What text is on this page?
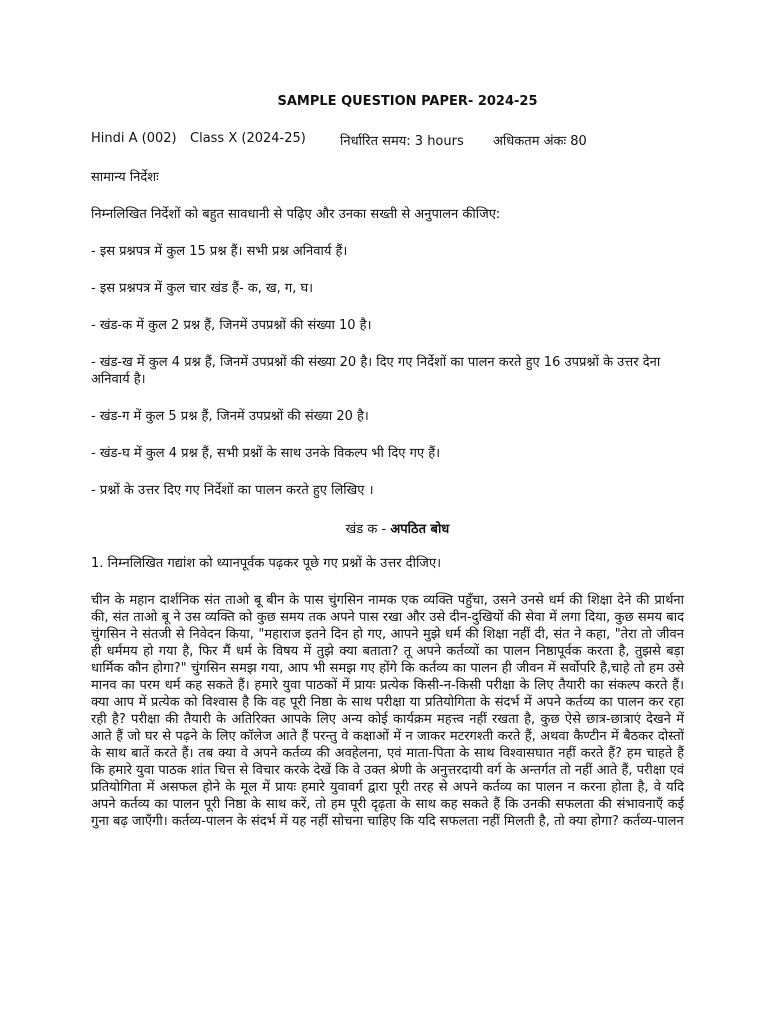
SAMPLE QUESTION PAPER- 2024-25
Hindi A (002)	Class X (2024-25)	निर्धारित समय: 3 hours	अधिकतम अंकः 80

सामान्य निर्देशः

निम्नलिखित निर्देशों को बहुत सावधानी से पढ़िए और उनका सख्ती से अनुपालन कीजिए:

- इस प्रश्नपत्र में कुल 15 प्रश्न हैं। सभी प्रश्न अनिवार्य हैं।

- इस प्रश्नपत्र में कुल चार खंड हैं- क, ख, ग, घ।

- खंड-क में कुल 2 प्रश्न हैं, जिनमें उपप्रश्नों की संख्या 10 है।

- खंड-ख में कुल 4 प्रश्न हैं, जिनमें उपप्रश्नों की संख्या 20 है। दिए गए निर्देशों का पालन करते हुए 16 उपप्रश्नों के उत्तर देना अनिवार्य है।

- खंड-ग में कुल 5 प्रश्न हैं, जिनमें उपप्रश्नों की संख्या 20 है।

- खंड-घ में कुल 4 प्रश्न हैं, सभी प्रश्नों के साथ उनके विकल्प भी दिए गए हैं।

- प्रश्नों के उत्तर दिए गए निर्देशों का पालन करते हुए लिखिए ।

खंड क - अपठित बोध

1. निम्नलिखित गद्यांश को ध्यानपूर्वक पढ़कर पूछे गए प्रश्नों के उत्तर दीजिए।

चीन के महान दार्शनिक संत ताओ बू बीन के पास चुंगसिन नामक एक व्यक्ति पहुँचा, उसने उनसे धर्म की शिक्षा देने की प्रार्थना की, संत ताओ बू ने उस व्यक्ति को कुछ समय तक अपने पास रखा और उसे दीन-दुखियों की सेवा में लगा दिया, कुछ समय बाद चुंगसिन ने संतजी से निवेदन किया, "महाराज इतने दिन हो गए, आपने मुझे धर्म की शिक्षा नहीं दी, संत ने कहा, "तेरा तो जीवन ही धर्ममय हो गया है, फिर मैं धर्म के विषय में तुझे क्या बताता? तू अपने कर्तव्यों का पालन निष्ठापूर्वक करता है, तुझसे बड़ा धार्मिक कौन होगा?" चुंगसिन समझ गया, आप भी समझ गए होंगे कि कर्तव्य का पालन ही जीवन में सर्वोपरि है,चाहे तो हम उसे मानव का परम धर्म कह सकते हैं। हमारे युवा पाठकों में प्रायः प्रत्येक किसी-न-किसी परीक्षा के लिए तैयारी का संकल्प करते हैं। क्या आप में प्रत्येक को विश्वास है कि वह पूरी निष्ठा के साथ परीक्षा या प्रतियोगिता के संदर्भ में अपने कर्तव्य का पालन कर रहा रही है? परीक्षा की तैयारी के अतिरिक्त आपके लिए अन्य कोई कार्यक्रम महत्त्व नहीं रखता है, कुछ ऐसे छात्र-छात्राएं देखने में आते हैं जो घर से पढ़ने के लिए कॉलेज आते हैं परन्तु वे कक्षाओं में न जाकर मटरगश्ती करते हैं, अथवा कैण्टीन में बैठकर दोस्तों के साथ बातें करते हैं। तब क्या वे अपने कर्तव्य की अवहेलना, एवं माता-पिता के साथ विश्वासघात नहीं करते हैं? हम चाहते हैं कि हमारे युवा पाठक शांत चित्त से विचार करके देखें कि वे उक्त श्रेणी के अनुत्तरदायी वर्ग के अन्तर्गत तो नहीं आते हैं, परीक्षा एवं प्रतियोगिता में असफल होने के मूल में प्रायः हमारे युवावर्ग द्वारा पूरी तरह से अपने कर्तव्य का पालन न करना होता है, वे यदि अपने कर्तव्य का पालन पूरी निष्ठा के साथ करें, तो हम पूरी दृढ़ता के साथ कह सकते हैं कि उनकी सफलता की संभावनाएँ कई गुना बढ़ जाएँगी। कर्तव्य-पालन के संदर्भ में यह नहीं सोचना चाहिए कि यदि सफलता नहीं मिलती है, तो क्या होगा? कर्तव्य-पालन
